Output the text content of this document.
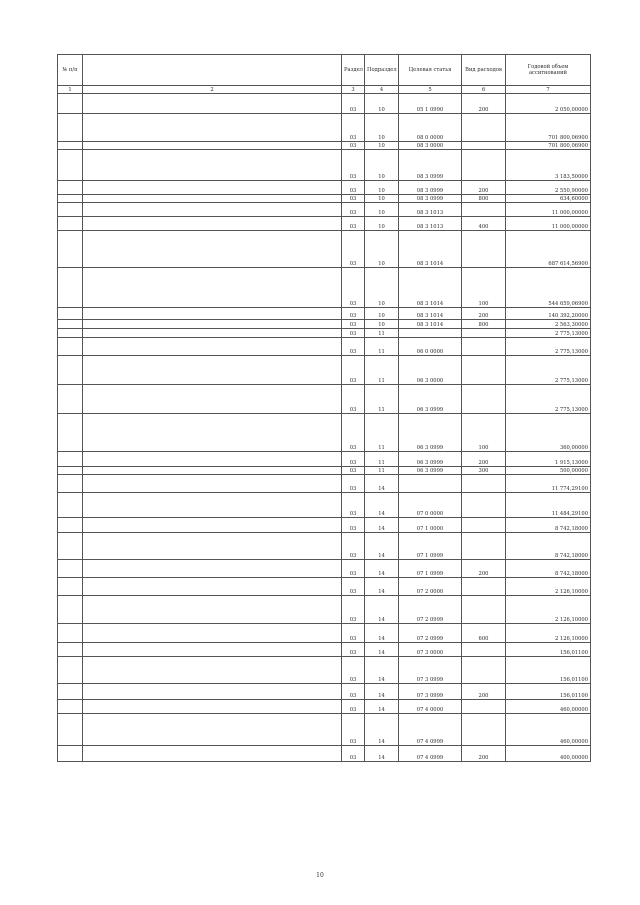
№ п/п		Раздел	Подраздел	Целевая статья	Вид расходов	Годовой объем ассигнований
1	2	3	4	5	6	7
		03	10	05 1 0990	200	2 050,00000
		03	10	08 0 0000		701 800,06900
		03	10	08 3 0000		701 800,06900
		03	10	08 3 0999		3 183,50000
		03	10	08 3 0999	200	2 550,90000
		03	10	08 3 0999	800	634,60000
		03	10	08 3 1013		11 000,00000
		03	10	08 3 1013	400	11 000,00000
		03	10	08 3 1014		687 614,56900
		03	10	08 3 1014	100	544 659,06900
		03	10	08 3 1014	200	140 392,20000
		03	10	08 3 1014	800	2 563,30000
		03	11			2 775,13000
		03	11	06 0 0000		2 775,13000
		03	11	06 3 0000		2 775,13000
		03	11	06 3 0999		2 775,13000
		03	11	06 3 0999	100	360,00000
		03	11	06 3 0999	200	1 915,13000
		03	11	06 3 0999	300	500,00000
		03	14			11 774,29100
		03	14	07 0 0000		11 484,29100
		03	14	07 1 0000		8 742,18000
		03	14	07 1 0999		8 742,18000
		03	14	07 1 0999	200	8 742,18000
		03	14	07 2 0000		2 126,10000
		03	14	07 2 0999		2 126,10000
		03	14	07 2 0999	600	2 126,10000
		03	14	07 3 0000		156,01100
		03	14	07 3 0999		156,01100
		03	14	07 3 0999	200	156,01100
		03	14	07 4 0000		460,00000
		03	14	07 4 0999		460,00000
		03	14	07 4 0999	200	400,00000
10
